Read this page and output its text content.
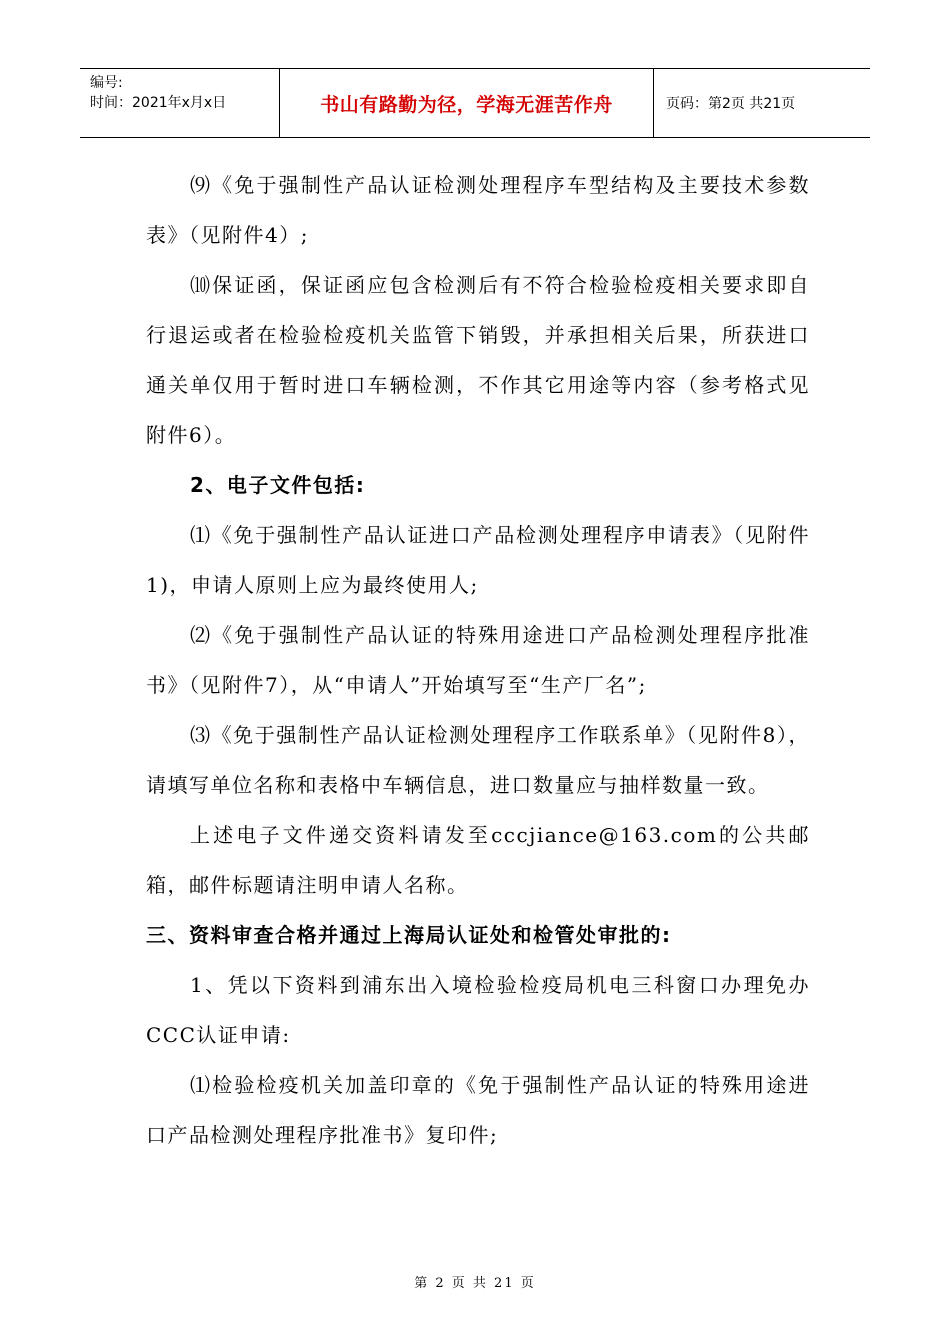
编号:
时间：2021年x月x日	书山有路勤为径，学海无涯苦作舟	页码：第2页 共21页

⑼《免于强制性产品认证检测处理程序车型结构及主要技术参数表》（见附件4）;

⑽保证函，保证函应包含检测后有不符合检验检疫相关要求即自行退运或者在检验检疫机关监管下销毁，并承担相关后果，所获进口通关单仅用于暂时进口车辆检测，不作其它用途等内容（参考格式见附件6）。

2、电子文件包括:

⑴《免于强制性产品认证进口产品检测处理程序申请表》（见附件1)，申请人原则上应为最终使用人;

⑵《免于强制性产品认证的特殊用途进口产品检测处理程序批准书》（见附件7），从“申请人”开始填写至“生产厂名”;

⑶《免于强制性产品认证检测处理程序工作联系单》（见附件8），请填写单位名称和表格中车辆信息，进口数量应与抽样数量一致。

上述电子文件递交资料请发至cccjiance@163.com的公共邮箱，邮件标题请注明申请人名称。

三、资料审查合格并通过上海局认证处和检管处审批的:

1、凭以下资料到浦东出入境检验检疫局机电三科窗口办理免办CCC认证申请:

⑴检验检疫机关加盖印章的《免于强制性产品认证的特殊用途进口产品检测处理程序批准书》复印件;

第 2 页 共 21 页
